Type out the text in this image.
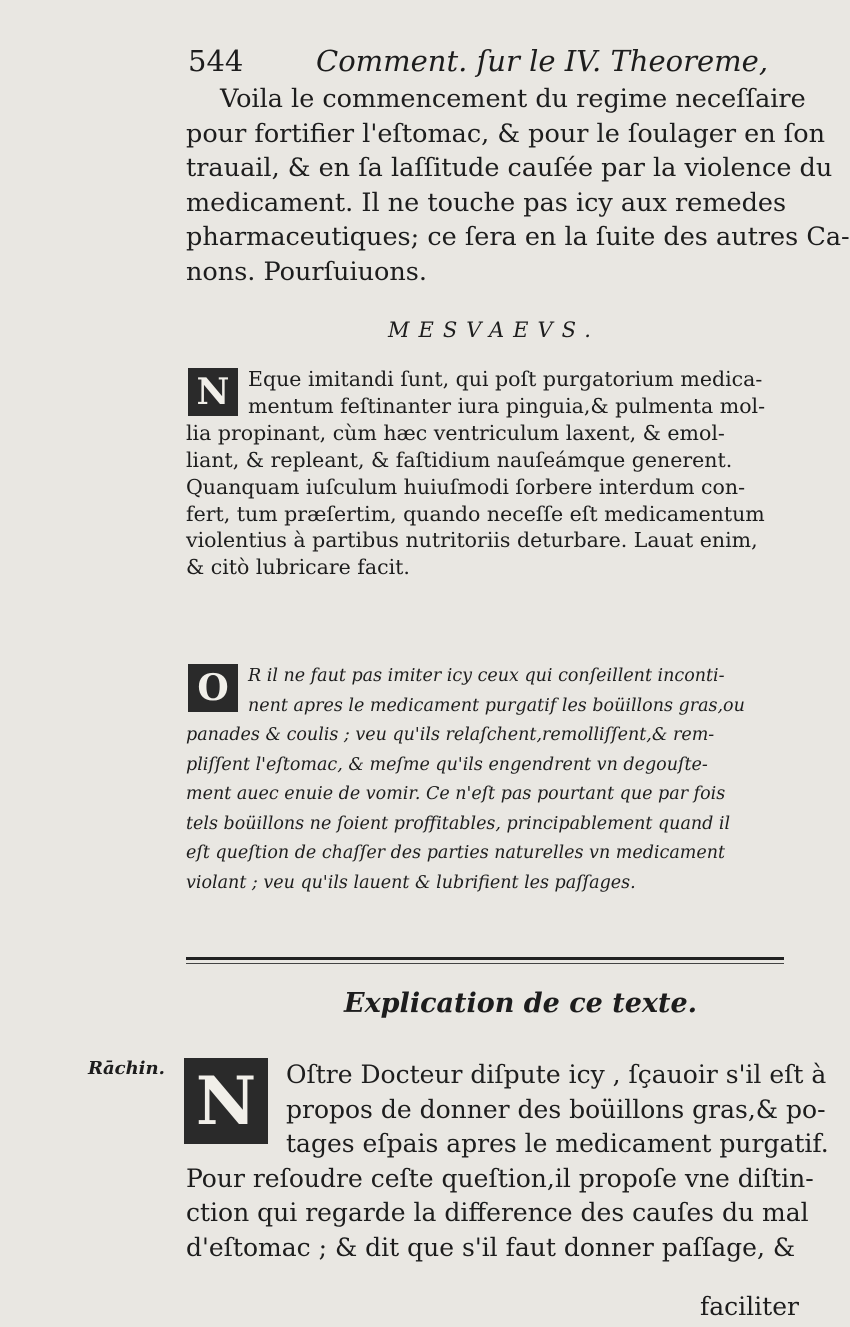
544	Comment. ſur le IV. Theoreme,
Voila le commencement du regime neceſſaire
pour fortifier l'eſtomac, & pour le ſoulager en ſon
trauail, & en ſa laſſitude cauſée par la violence du
medicament. Il ne touche pas icy aux remedes
pharmaceutiques; ce ſera en la ſuite des autres Ca-
nons. Pourſuiuons.
MESVAEVS.
N Eque imitandi ſunt, qui poſt purgatorium medica-
mentum feſtinanter iura pinguia,& pulmenta mol-
lia propinant, cùm hæc ventriculum laxent, & emol-
liant, & repleant, & faſtidium nauſeámque generent.
Quanquam iuſculum huiuſmodi ſorbere interdum con-
fert, tum præſertim, quando neceſſe eſt medicamentum
violentius à partibus nutritoriis deturbare. Lauat enim,
& citò lubricare facit.
O	R il ne faut pas imiter icy ceux qui conſeillent inconti-
nent apres le medicament purgatif les boüillons gras,ou
panades & coulis ; veu qu'ils relaſchent,remolliſſent,& rem-
pliſſent l'eſtomac, & meſme qu'ils engendrent vn degouſte-
ment auec enuie de vomir. Ce n'eſt pas pourtant que par fois
tels boüillons ne ſoient proffitables, principablement quand il
eſt queſtion de chaſſer des parties naturelles vn medicament
violant ; veu qu'ils lauent & lubrifient les paſſages.
Explication de ce texte.
Rāchin. N	Oſtre Docteur diſpute icy , ſçauoir s'il eſt à
propos de donner des boüillons gras,& po-
tages eſpais apres le medicament purgatif.
Pour reſoudre ceſte queſtion,il propoſe vne diſtin-
ction qui regarde la difference des cauſes du mal
d'eſtomac ; & dit que s'il faut donner paſſage, &
faciliter
